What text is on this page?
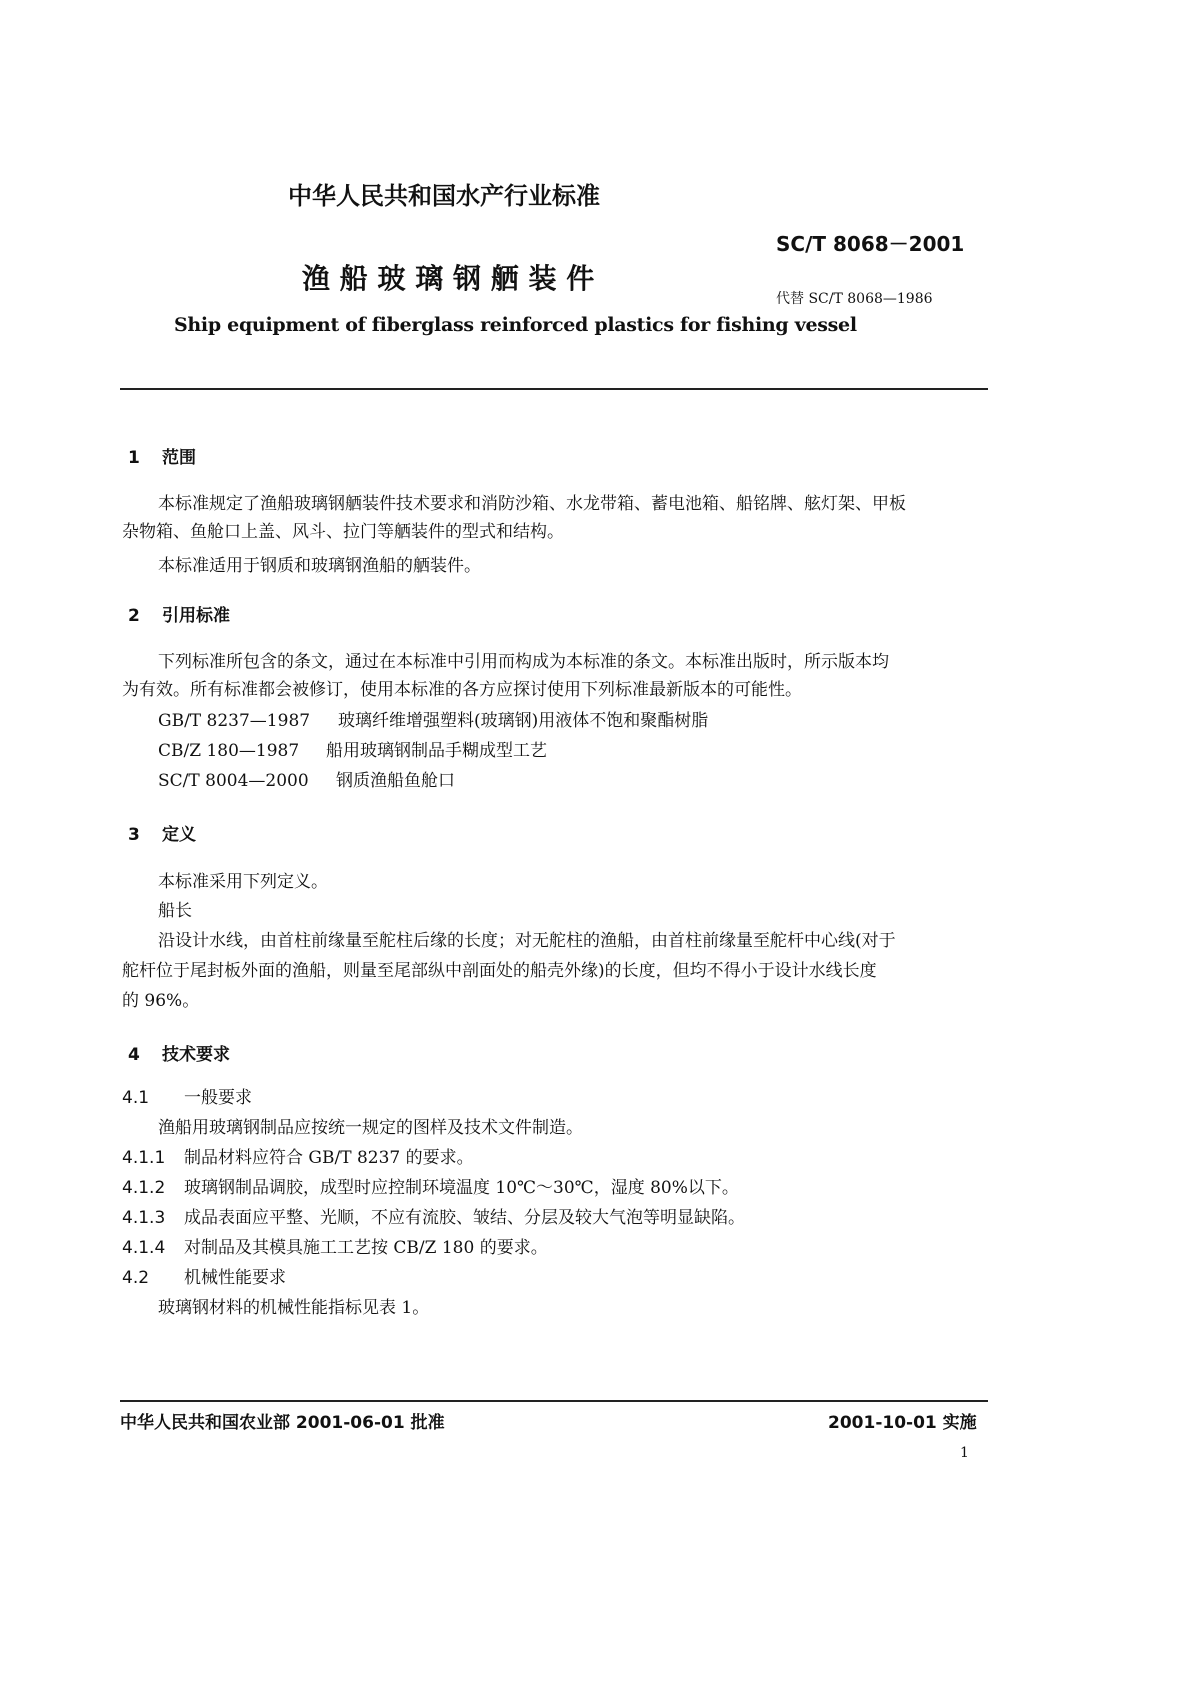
中华人民共和国水产行业标准
SC/T 8068－2001
渔 船 玻 璃 钢 舾 装 件
代替 SC/T 8068—1986
Ship equipment of fiberglass reinforced plastics for fishing vessel
1 范围
本标准规定了渔船玻璃钢舾装件技术要求和消防沙箱、水龙带箱、蓄电池箱、船铭牌、舷灯架、甲板
杂物箱、鱼舱口上盖、风斗、拉门等舾装件的型式和结构。
本标准适用于钢质和玻璃钢渔船的舾装件。
2 引用标准
下列标准所包含的条文，通过在本标准中引用而构成为本标准的条文。本标准出版时，所示版本均
为有效。所有标准都会被修订，使用本标准的各方应探讨使用下列标准最新版本的可能性。
GB/T 8237—1987 玻璃纤维增强塑料(玻璃钢)用液体不饱和聚酯树脂
CB/Z 180—1987 船用玻璃钢制品手糊成型工艺
SC/T 8004—2000 钢质渔船鱼舱口
3 定义
本标准采用下列定义。
船长
沿设计水线，由首柱前缘量至舵柱后缘的长度；对无舵柱的渔船，由首柱前缘量至舵杆中心线(对于
舵杆位于尾封板外面的渔船，则量至尾部纵中剖面处的船壳外缘)的长度，但均不得小于设计水线长度
的 96%。
4 技术要求
4.1 一般要求
渔船用玻璃钢制品应按统一规定的图样及技术文件制造。
4.1.1 制品材料应符合 GB/T 8237 的要求。
4.1.2 玻璃钢制品调胶，成型时应控制环境温度 10℃～30℃，湿度 80%以下。
4.1.3 成品表面应平整、光顺，不应有流胶、皱结、分层及较大气泡等明显缺陷。
4.1.4 对制品及其模具施工工艺按 CB/Z 180 的要求。
4.2 机械性能要求
玻璃钢材料的机械性能指标见表 1。
中华人民共和国农业部 2001-06-01 批准	2001-10-01 实施
1
